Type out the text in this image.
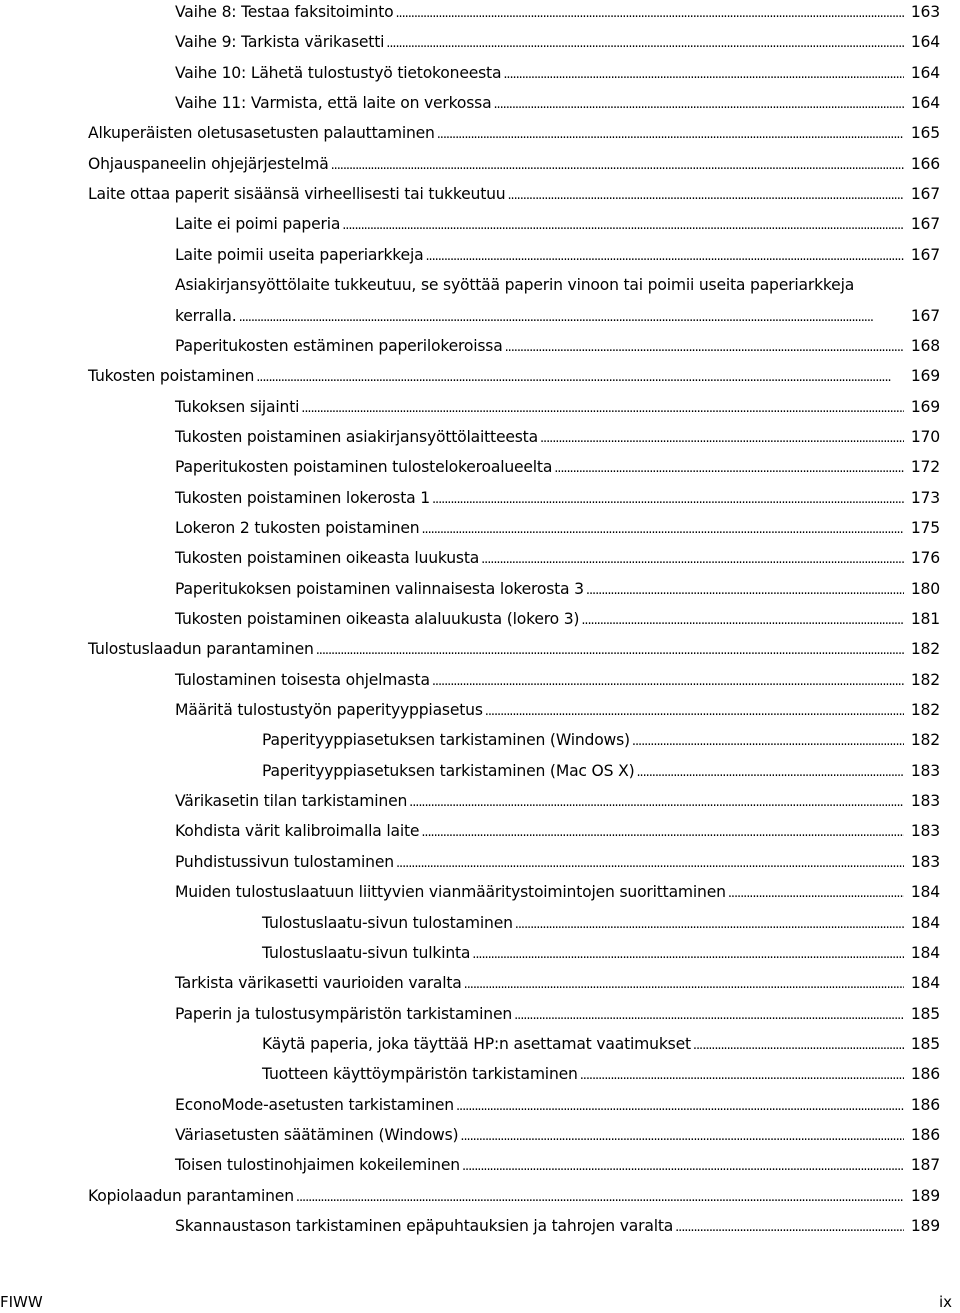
Vaihe 8: Testaa faksitoiminto . . .	163
Vaihe 9: Tarkista värikasetti . . .	164
Vaihe 10: Lähetä tulostustyö tietokoneesta . . .	164
Vaihe 11: Varmista, että laite on verkossa . . .	164
Alkuperäisten oletusasetusten palauttaminen . . .	165
Ohjauspaneelin ohjejärjestelmä . . .	166
Laite ottaa paperit sisäänsä virheellisesti tai tukkeutuu . . .	167
Laite ei poimi paperia . . .	167
Laite poimii useita paperiarkkeja . . .	167
Asiakirjansyöttölaite tukkeutuu, se syöttää paperin vinoon tai poimii useita paperiarkkeja
kerralla. . . .	167
Paperitukosten estäminen paperilokeroissa . . .	168
Tukosten poistaminen . . .	169
Tukoksen sijainti . . .	169
Tukosten poistaminen asiakirjansyöttölaitteesta . . .	170
Paperitukosten poistaminen tulostelokeroalueelta . . .	172
Tukosten poistaminen lokerosta 1 . . .	173
Lokeron 2 tukosten poistaminen . . .	175
Tukosten poistaminen oikeasta luukusta . . .	176
Paperitukoksen poistaminen valinnaisesta lokerosta 3 . . .	180
Tukosten poistaminen oikeasta alaluukusta (lokero 3) . . .	181
Tulostuslaadun parantaminen . . .	182
Tulostaminen toisesta ohjelmasta . . .	182
Määritä tulostustyön paperityyppiasetus . . .	182
Paperityyppiasetuksen tarkistaminen (Windows) . . .	182
Paperityyppiasetuksen tarkistaminen (Mac OS X) . . .	183
Värikasetin tilan tarkistaminen . . .	183
Kohdista värit kalibroimalla laite . . .	183
Puhdistussivun tulostaminen . . .	183
Muiden tulostuslaatuun liittyvien vianmääritystoimintojen suorittaminen . . .	184
Tulostuslaatu-sivun tulostaminen . . .	184
Tulostuslaatu-sivun tulkinta . . .	184
Tarkista värikasetti vaurioiden varalta . . .	184
Paperin ja tulostusympäristön tarkistaminen . . .	185
Käytä paperia, joka täyttää HP:n asettamat vaatimukset . . .	185
Tuotteen käyttöympäristön tarkistaminen . . .	186
EconoMode-asetusten tarkistaminen . . .	186
Väriasetusten säätäminen (Windows) . . .	186
Toisen tulostinohjaimen kokeileminen . . .	187
Kopiolaadun parantaminen . . .	189
Skannaustason tarkistaminen epäpuhtauksien ja tahrojen varalta . . .	189
FIWW	ix
